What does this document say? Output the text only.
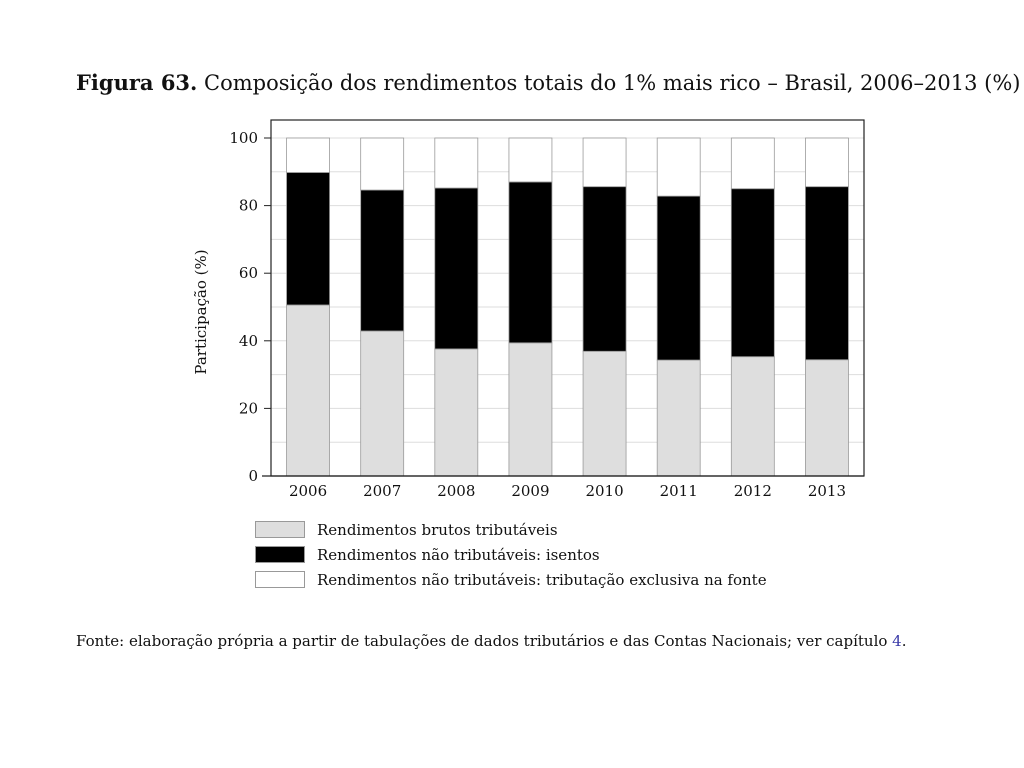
Figura 63. Composição dos rendimentos totais do 1% mais rico – Brasil, 2006–2013 (%)
2006 2007 2008 2009 2010 2011 2012 2013
0
20
40
60
80
100
Participação (%)
Rendimentos brutos tributáveis
Rendimentos não tributáveis: isentos
Rendimentos não tributáveis: tributação exclusiva na fonte
Fonte: elaboração própria a partir de tabulações de dados tributários e das Contas Nacionais; ver capítulo 4.
